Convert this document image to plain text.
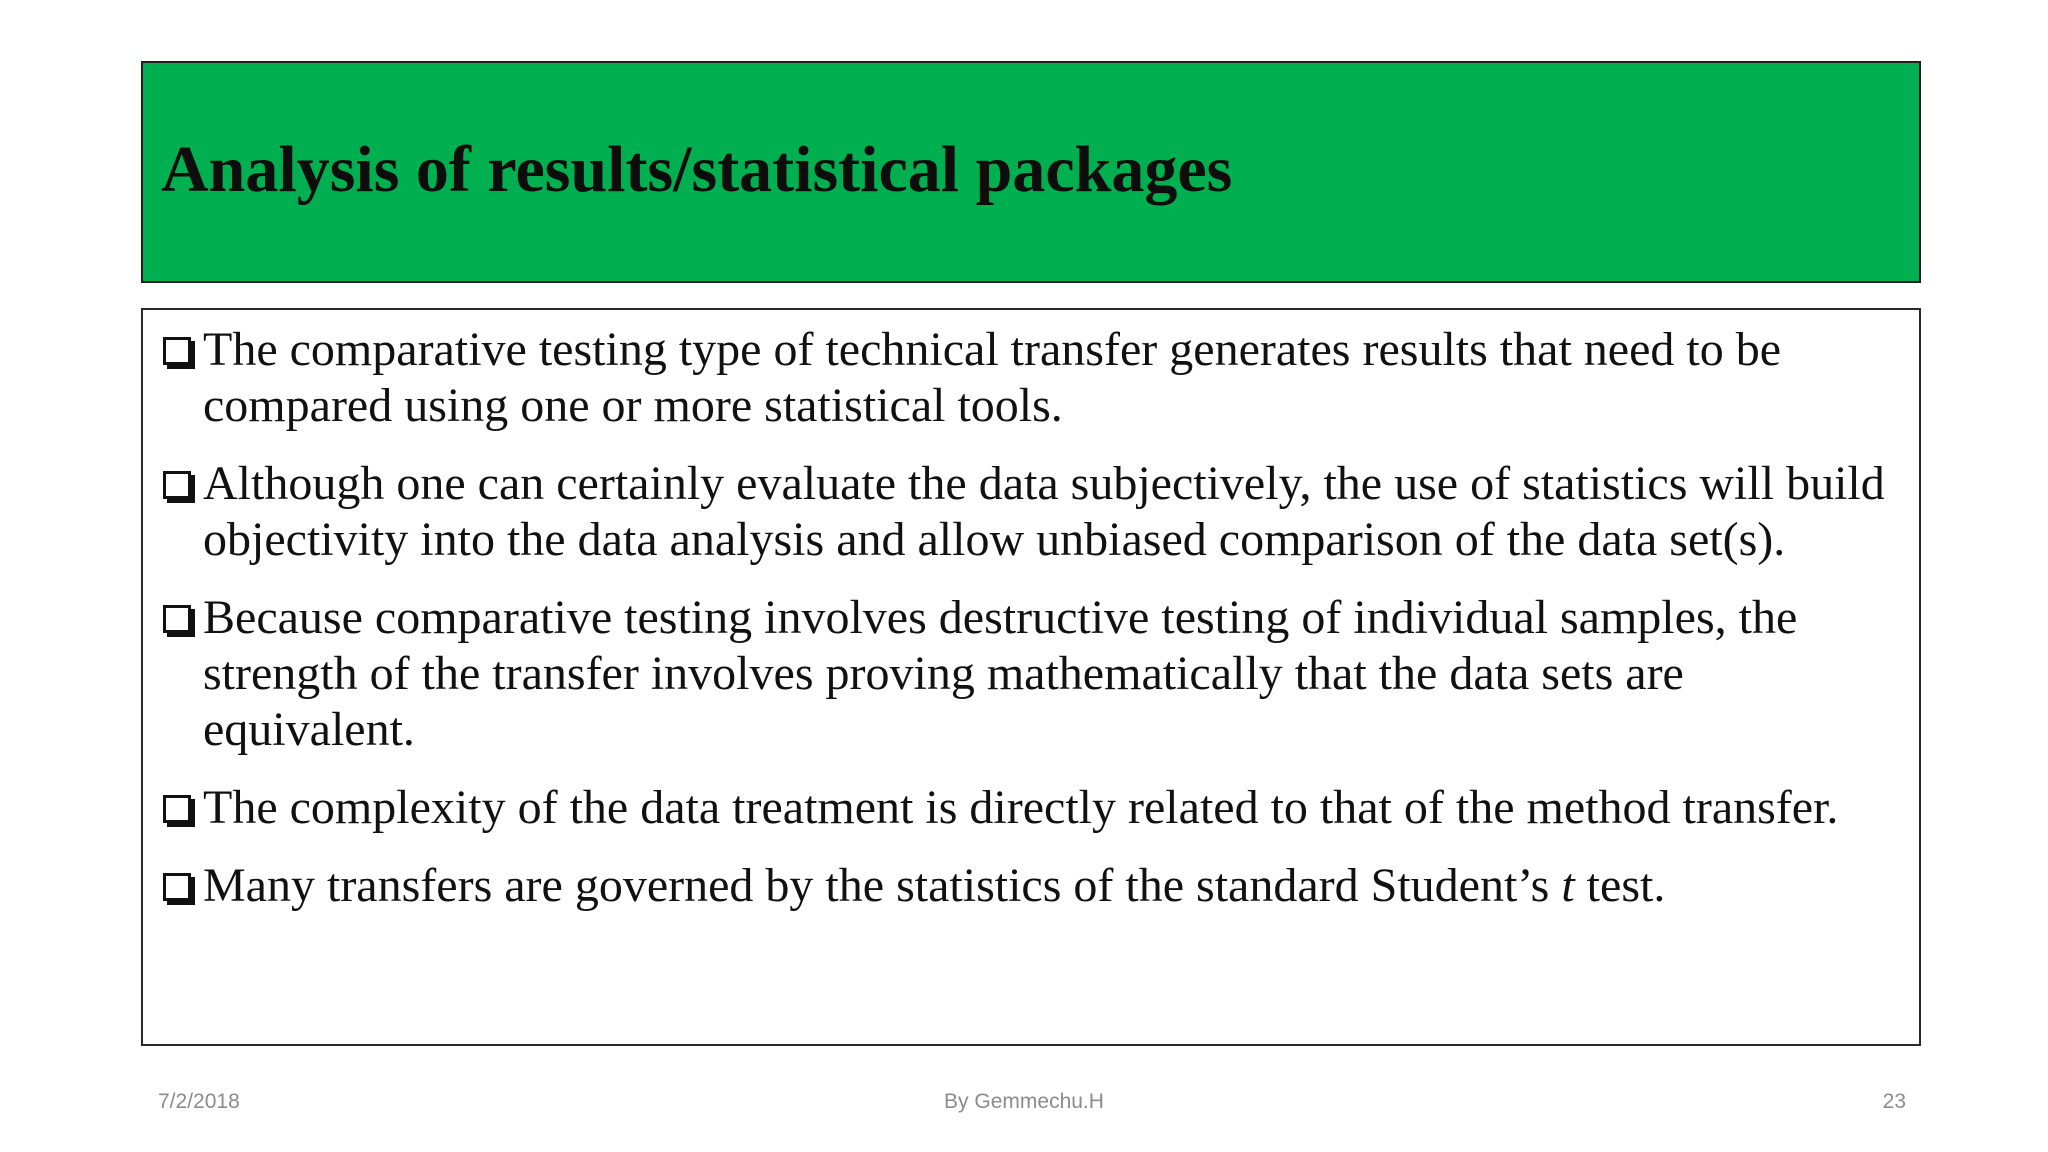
Analysis of results/statistical packages
The comparative testing type of technical transfer generates results that need to be compared using one or more statistical tools.
Although one can certainly evaluate the data subjectively, the use of statistics will build objectivity into the data analysis and allow unbiased comparison of the data set(s).
Because comparative testing involves destructive testing of individual samples, the strength of the transfer involves proving mathematically that the data sets are equivalent.
The complexity of the data treatment is directly related to that of the method transfer.
Many transfers are governed by the statistics of the standard Student’s t test.
7/2/2018	By Gemmechu.H	23
